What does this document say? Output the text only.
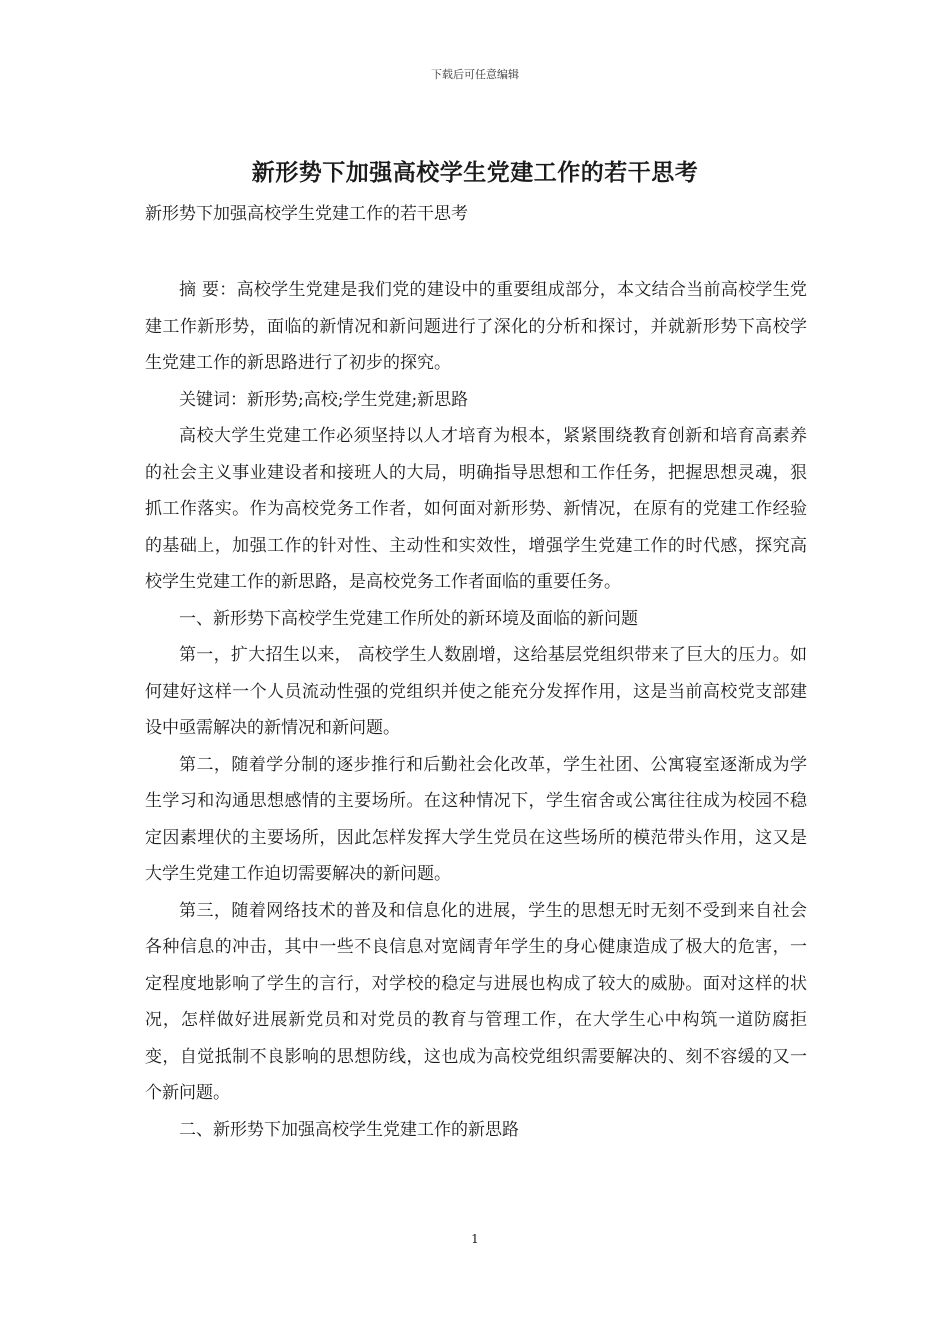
下载后可任意编辑
新形势下加强高校学生党建工作的若干思考
新形势下加强高校学生党建工作的若干思考

摘 要：高校学生党建是我们党的建设中的重要组成部分，本文结合当前高校学生党建工作新形势，面临的新情况和新问题进行了深化的分析和探讨，并就新形势下高校学生党建工作的新思路进行了初步的探究。

关键词：新形势;高校;学生党建;新思路

高校大学生党建工作必须坚持以人才培育为根本，紧紧围绕教育创新和培育高素养的社会主义事业建设者和接班人的大局，明确指导思想和工作任务，把握思想灵魂，狠抓工作落实。作为高校党务工作者，如何面对新形势、新情况，在原有的党建工作经验的基础上，加强工作的针对性、主动性和实效性，增强学生党建工作的时代感，探究高校学生党建工作的新思路，是高校党务工作者面临的重要任务。

一、新形势下高校学生党建工作所处的新环境及面临的新问题

第一，扩大招生以来， 高校学生人数剧增，这给基层党组织带来了巨大的压力。如何建好这样一个人员流动性强的党组织并使之能充分发挥作用，这是当前高校党支部建设中亟需解决的新情况和新问题。

第二，随着学分制的逐步推行和后勤社会化改革，学生社团、公寓寝室逐渐成为学生学习和沟通思想感情的主要场所。在这种情况下，学生宿舍或公寓往往成为校园不稳定因素埋伏的主要场所，因此怎样发挥大学生党员在这些场所的模范带头作用，这又是大学生党建工作迫切需要解决的新问题。

第三，随着网络技术的普及和信息化的进展，学生的思想无时无刻不受到来自社会各种信息的冲击，其中一些不良信息对宽阔青年学生的身心健康造成了极大的危害，一定程度地影响了学生的言行，对学校的稳定与进展也构成了较大的威胁。面对这样的状况，怎样做好进展新党员和对党员的教育与管理工作，在大学生心中构筑一道防腐拒变，自觉抵制不良影响的思想防线，这也成为高校党组织需要解决的、刻不容缓的又一个新问题。

二、新形势下加强高校学生党建工作的新思路

1
